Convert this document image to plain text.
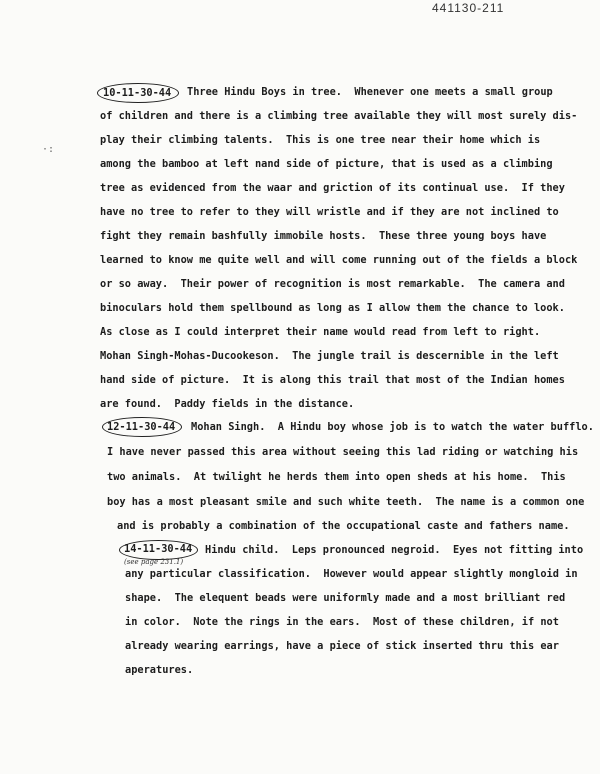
441130-211
·:
10-11-30-44 Three Hindu Boys in tree.  Whenever one meets a small group
of children and there is a climbing tree available they will most surely dis-
play their climbing talents.  This is one tree near their home which is
among the bamboo at left nand side of picture, that is used as a climbing
tree as evidenced from the waar and griction of its continual use.  If they
have no tree to refer to they will wristle and if they are not inclined to
fight they remain bashfully immobile hosts.  These three young boys have
learned to know me quite well and will come running out of the fields a block
or so away.  Their power of recognition is most remarkable.  The camera and
binoculars hold them spellbound as long as I allow them the chance to look.
As close as I could interpret their name would read from left to right.
Mohan Singh-Mohas-Ducookeson.  The jungle trail is descernible in the left
hand side of picture.  It is along this trail that most of the Indian homes
are found.  Paddy fields in the distance.
12-11-30-44 Mohan Singh.  A Hindu boy whose job is to watch the water bufflo.
I have never passed this area without seeing this lad riding or watching his
two animals.  At twilight he herds them into open sheds at his home.  This
boy has a most pleasant smile and such white teeth.  The name is a common one
and is probably a combination of the occupational caste and fathers name.
14-11-30-44
(see page 231.1)
Hindu child.  Leps pronounced negroid.  Eyes not fitting into
any particular classification.  However would appear slightly mongloid in
shape.  The elequent beads were uniformly made and a most brilliant red
in color.  Note the rings in the ears.  Most of these children, if not
already wearing earrings, have a piece of stick inserted thru this ear
aperatures.
